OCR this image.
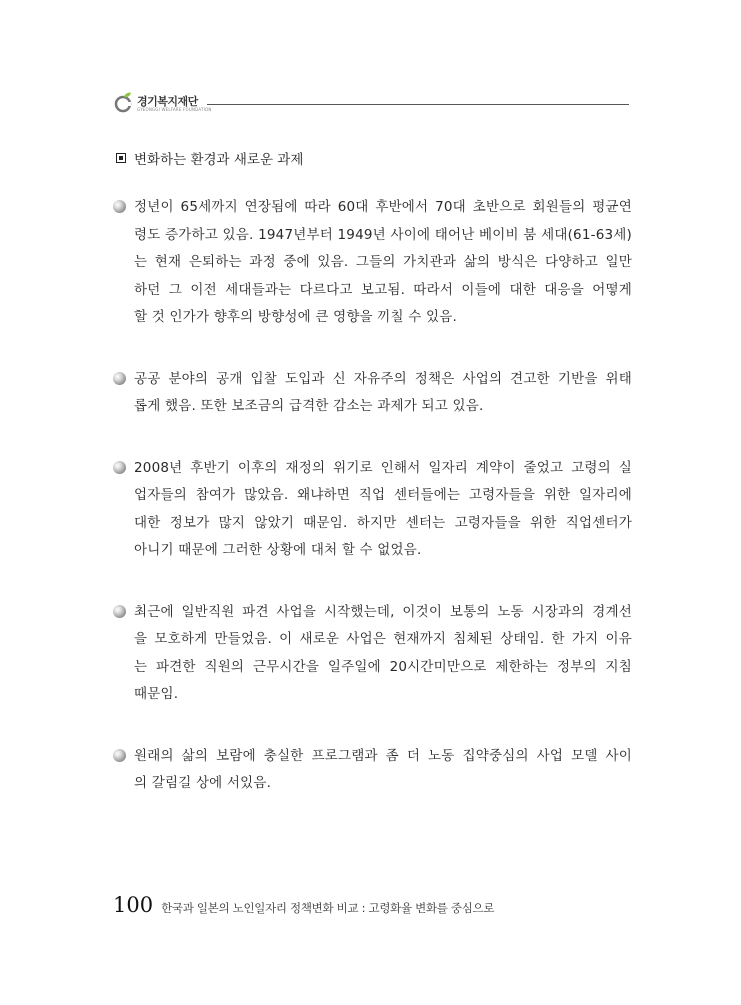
경기복지재단
GYEONGGI WELFARE FOUNDATION
변화하는 환경과 새로운 과제
정년이 65세까지 연장됨에 따라 60대 후반에서 70대 초반으로 회원들의 평균연
령도 증가하고 있음. 1947년부터 1949년 사이에 태어난 베이비 붐 세대(61-63세)
는 현재 은퇴하는 과정 중에 있음. 그들의 가치관과 삶의 방식은 다양하고 일만
하던 그 이전 세대들과는 다르다고 보고됨. 따라서 이들에 대한 대응을 어떻게
할 것 인가가 향후의 방향성에 큰 영향을 끼칠 수 있음.
공공 분야의 공개 입찰 도입과 신 자유주의 정책은 사업의 견고한 기반을 위태
롭게 했음. 또한 보조금의 급격한 감소는 과제가 되고 있음.
2008년 후반기 이후의 재정의 위기로 인해서 일자리 계약이 줄었고 고령의 실
업자들의 참여가 많았음. 왜냐하면 직업 센터들에는 고령자들을 위한 일자리에
대한 정보가 많지 않았기 때문임. 하지만 센터는 고령자들을 위한 직업센터가
아니기 때문에 그러한 상황에 대처 할 수 없었음.
최근에 일반직원 파견 사업을 시작했는데, 이것이 보통의 노동 시장과의 경계선
을 모호하게 만들었음. 이 새로운 사업은 현재까지 침체된 상태임. 한 가지 이유
는 파견한 직원의 근무시간을 일주일에 20시간미만으로 제한하는 정부의 지침
때문임.
원래의 삶의 보람에 충실한 프로그램과 좀 더 노동 집약중심의 사업 모델 사이
의 갈림길 상에 서있음.
100 한국과 일본의 노인일자리 정책변화 비교 : 고령화율 변화를 중심으로
